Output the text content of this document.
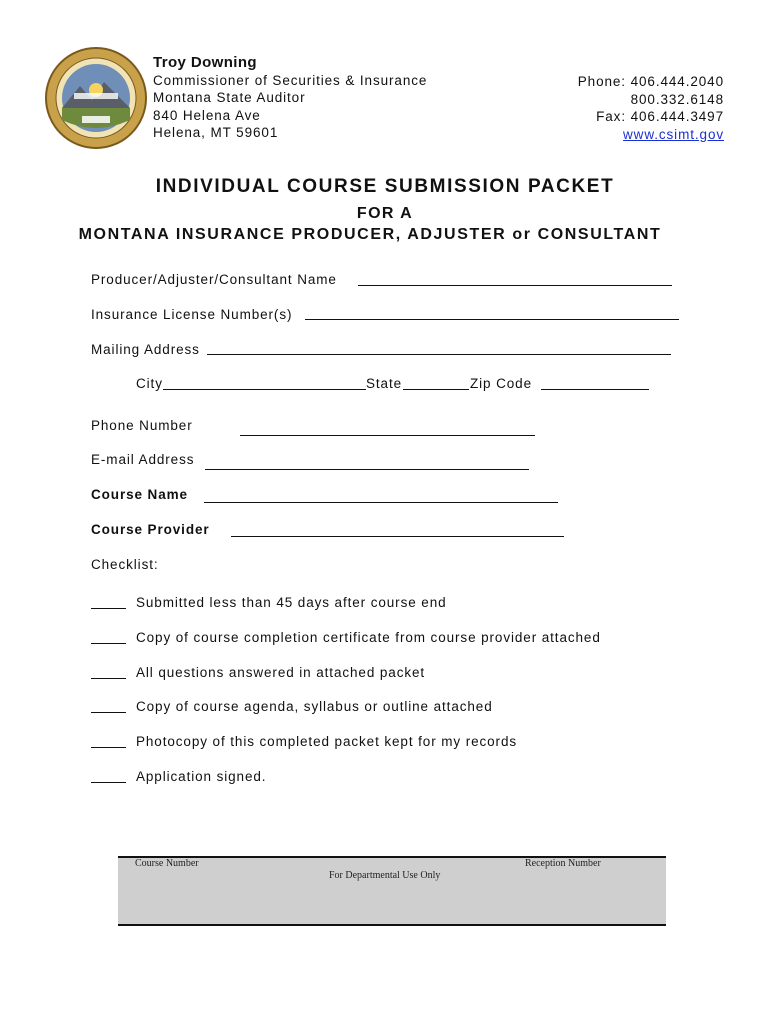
Troy Downing
Commissioner of Securities & Insurance
Montana State Auditor
840 Helena Ave
Helena, MT 59601
Phone: 406.444.2040
800.332.6148
Fax: 406.444.3497
www.csimt.gov
INDIVIDUAL COURSE SUBMISSION PACKET
FOR A
MONTANA INSURANCE PRODUCER, ADJUSTER or CONSULTANT
Producer/Adjuster/Consultant Name
Insurance License Number(s)
Mailing Address
City	State	Zip Code
Phone Number
E-mail Address
Course Name
Course Provider
Checklist:
Submitted less than 45 days after course end
Copy of course completion certificate from course provider attached
All questions answered in attached packet
Copy of course agenda, syllabus or outline attached
Photocopy of this completed packet kept for my records
Application signed.
Course Number	Reception Number
For Departmental Use Only
